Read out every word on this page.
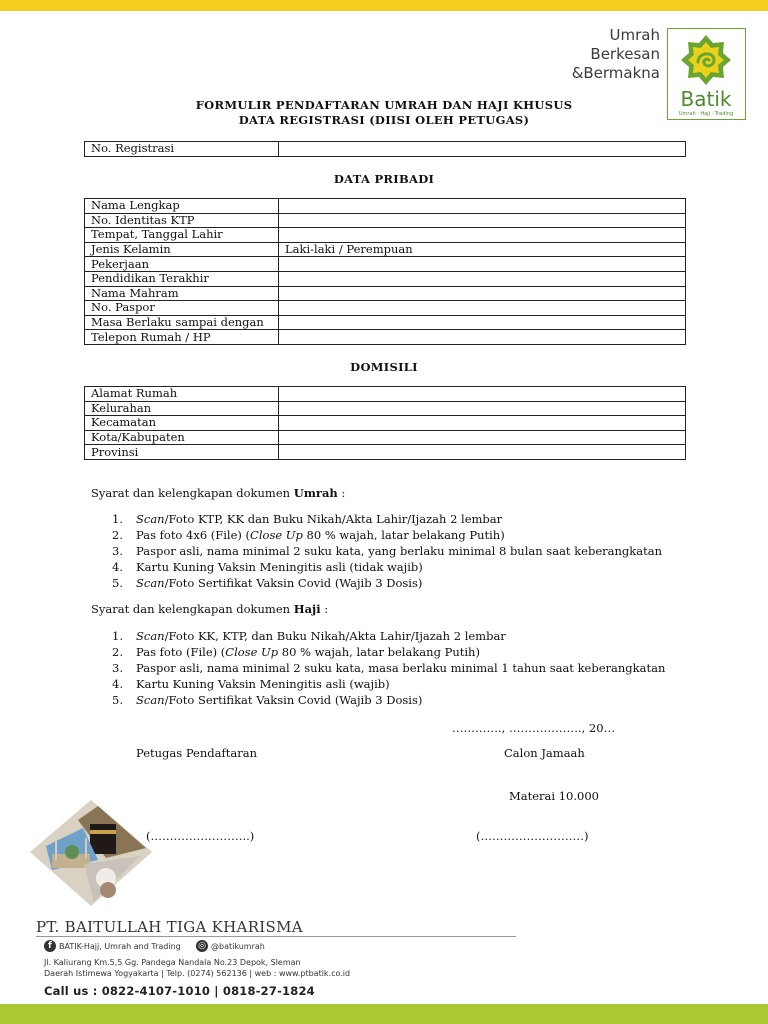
Umrah
Berkesan
&Bermakna
Batik
Umrah · Hajj · Trading
FORMULIR PENDAFTARAN UMRAH DAN HAJI KHUSUS
DATA REGISTRASI (DIISI OLEH PETUGAS)
No. Registrasi	
DATA PRIBADI
Nama Lengkap	
No. Identitas KTP	
Tempat, Tanggal Lahir	
Jenis Kelamin	Laki-laki / Perempuan
Pekerjaan	
Pendidikan Terakhir	
Nama Mahram	
No. Paspor	
Masa Berlaku sampai dengan	
Telepon Rumah / HP	
DOMISILI
Alamat Rumah	
Kelurahan	
Kecamatan	
Kota/Kabupaten	
Provinsi	
Syarat dan kelengkapan dokumen Umrah :
1. Scan/Foto KTP, KK dan Buku Nikah/Akta Lahir/Ijazah 2 lembar
2. Pas foto 4x6 (File) (Close Up 80 % wajah, latar belakang Putih)
3. Paspor asli, nama minimal 2 suku kata, yang berlaku minimal 8 bulan saat keberangkatan
4. Kartu Kuning Vaksin Meningitis asli (tidak wajib)
5. Scan/Foto Sertifikat Vaksin Covid (Wajib 3 Dosis)
Syarat dan kelengkapan dokumen Haji :
1. Scan/Foto KK, KTP, dan Buku Nikah/Akta Lahir/Ijazah 2 lembar
2. Pas foto (File) (Close Up 80 % wajah, latar belakang Putih)
3. Paspor asli, nama minimal 2 suku kata, masa berlaku minimal 1 tahun saat keberangkatan
4. Kartu Kuning Vaksin Meningitis asli (wajib)
5. Scan/Foto Sertifikat Vaksin Covid (Wajib 3 Dosis)
…………., ………………., 20…
Petugas Pendaftaran	Calon Jamaah
Materai 10.000
(……………………..)	(………………………)
PT. BAITULLAH TIGA KHARISMA
f BATIK-Hajj, Umrah and Trading ◎ @batikumrah
Jl. Kaliurang Km.5,5 Gg. Pandega Nandala No.23 Depok, Sleman
Daerah Istimewa Yogyakarta | Telp. (0274) 562136 | web : www.ptbatik.co.id
Call us : 0822-4107-1010 | 0818-27-1824
